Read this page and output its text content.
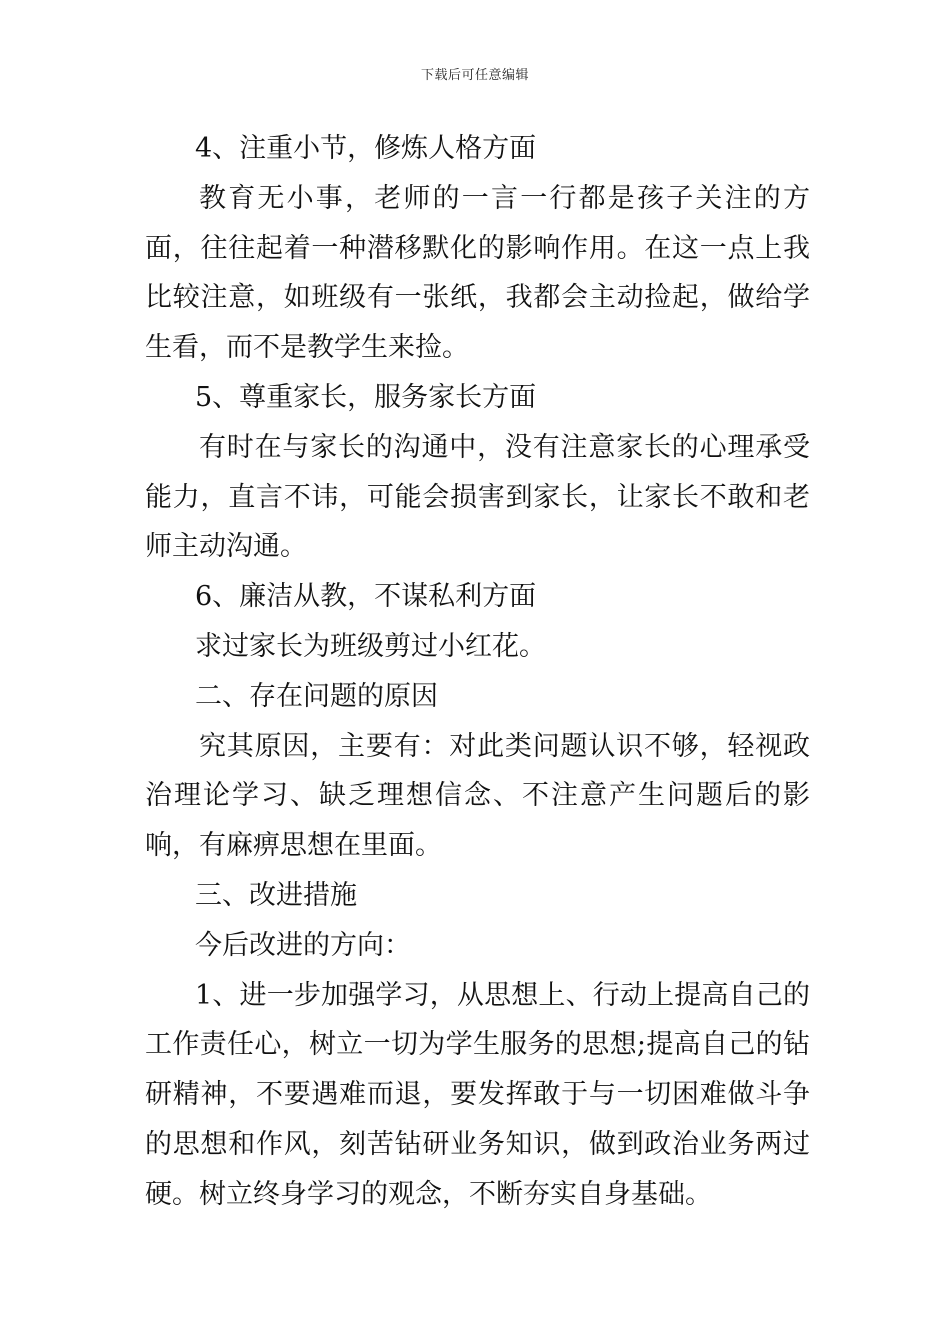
下载后可任意编辑

4、注重小节，修炼人格方面

教育无小事，老师的一言一行都是孩子关注的方面，往往起着一种潜移默化的影响作用。在这一点上我比较注意，如班级有一张纸，我都会主动捡起，做给学生看，而不是教学生来捡。

5、尊重家长，服务家长方面

有时在与家长的沟通中，没有注意家长的心理承受能力，直言不讳，可能会损害到家长，让家长不敢和老师主动沟通。

6、廉洁从教，不谋私利方面

求过家长为班级剪过小红花。

二、存在问题的原因

究其原因，主要有：对此类问题认识不够，轻视政治理论学习、缺乏理想信念、不注意产生问题后的影响，有麻痹思想在里面。

三、改进措施

今后改进的方向：

1、进一步加强学习，从思想上、行动上提高自己的工作责任心，树立一切为学生服务的思想;提高自己的钻研精神，不要遇难而退，要发挥敢于与一切困难做斗争的思想和作风，刻苦钻研业务知识，做到政治业务两过硬。树立终身学习的观念，不断夯实自身基础。
